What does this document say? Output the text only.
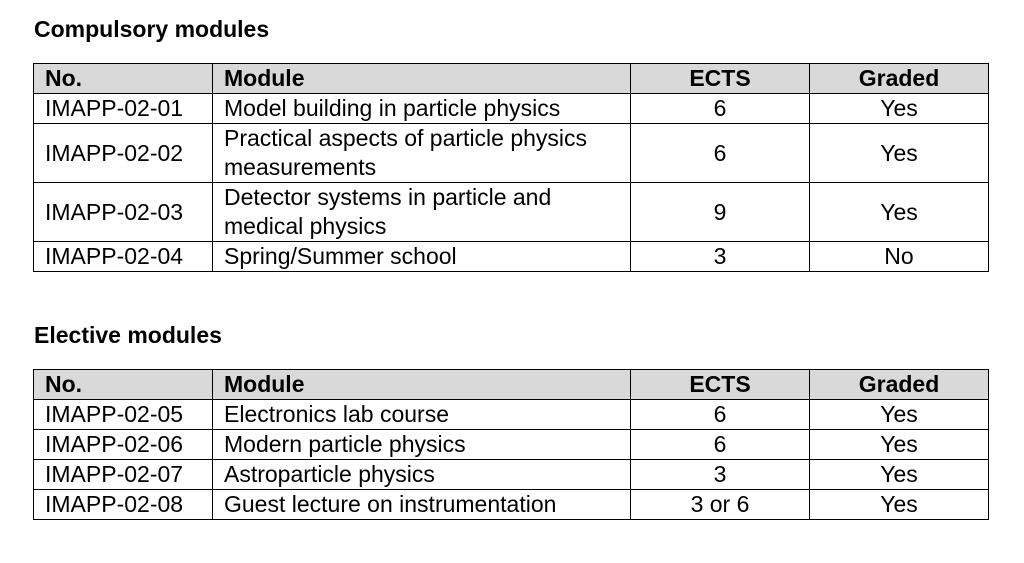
Compulsory modules
No.	Module	ECTS	Graded
IMAPP-02-01	Model building in particle physics	6	Yes
IMAPP-02-02	Practical aspects of particle physics measurements	6	Yes
IMAPP-02-03	Detector systems in particle and medical physics	9	Yes
IMAPP-02-04	Spring/Summer school	3	No
Elective modules
No.	Module	ECTS	Graded
IMAPP-02-05	Electronics lab course	6	Yes
IMAPP-02-06	Modern particle physics	6	Yes
IMAPP-02-07	Astroparticle physics	3	Yes
IMAPP-02-08	Guest lecture on instrumentation	3 or 6	Yes
